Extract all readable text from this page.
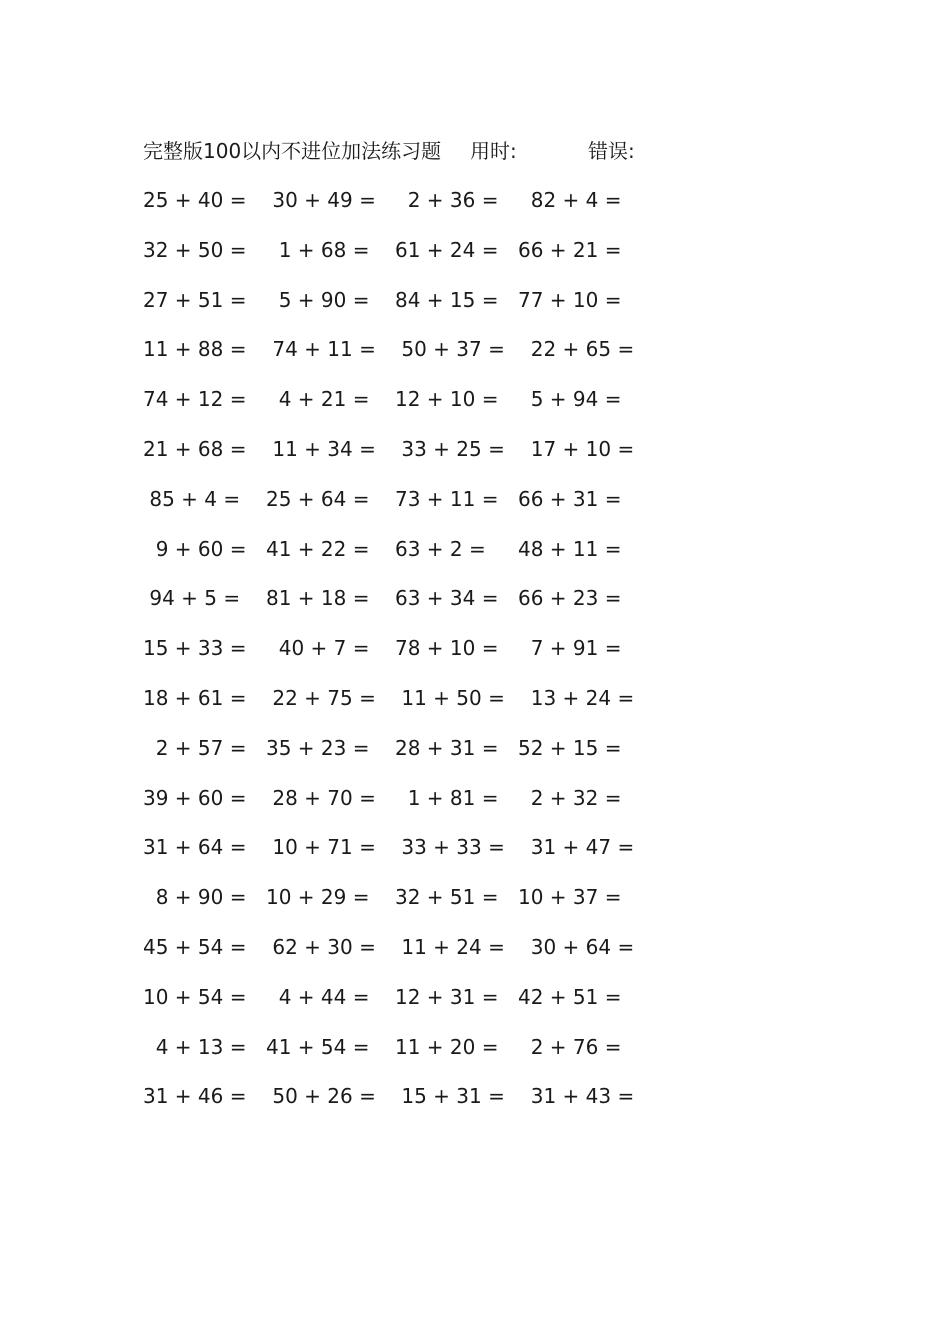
完整版100以内不进位加法练习题 用时:	错误:
25 + 40 = 30 + 49 = 2 + 36 = 82 + 4 =
32 + 50 = 1 + 68 = 61 + 24 = 66 + 21 =
27 + 51 = 5 + 90 = 84 + 15 = 77 + 10 =
11 + 88 = 74 + 11 = 50 + 37 = 22 + 65 =
74 + 12 = 4 + 21 = 12 + 10 = 5 + 94 =
21 + 68 = 11 + 34 = 33 + 25 = 17 + 10 =
85 + 4 = 25 + 64 = 73 + 11 = 66 + 31 =
9 + 60 = 41 + 22 = 63 + 2 = 48 + 11 =
94 + 5 = 81 + 18 = 63 + 34 = 66 + 23 =
15 + 33 = 40 + 7 = 78 + 10 = 7 + 91 =
18 + 61 = 22 + 75 = 11 + 50 = 13 + 24 =
2 + 57 = 35 + 23 = 28 + 31 = 52 + 15 =
39 + 60 = 28 + 70 = 1 + 81 = 2 + 32 =
31 + 64 = 10 + 71 = 33 + 33 = 31 + 47 =
8 + 90 = 10 + 29 = 32 + 51 = 10 + 37 =
45 + 54 = 62 + 30 = 11 + 24 = 30 + 64 =
10 + 54 = 4 + 44 = 12 + 31 = 42 + 51 =
4 + 13 = 41 + 54 = 11 + 20 = 2 + 76 =
31 + 46 = 50 + 26 = 15 + 31 = 31 + 43 =
